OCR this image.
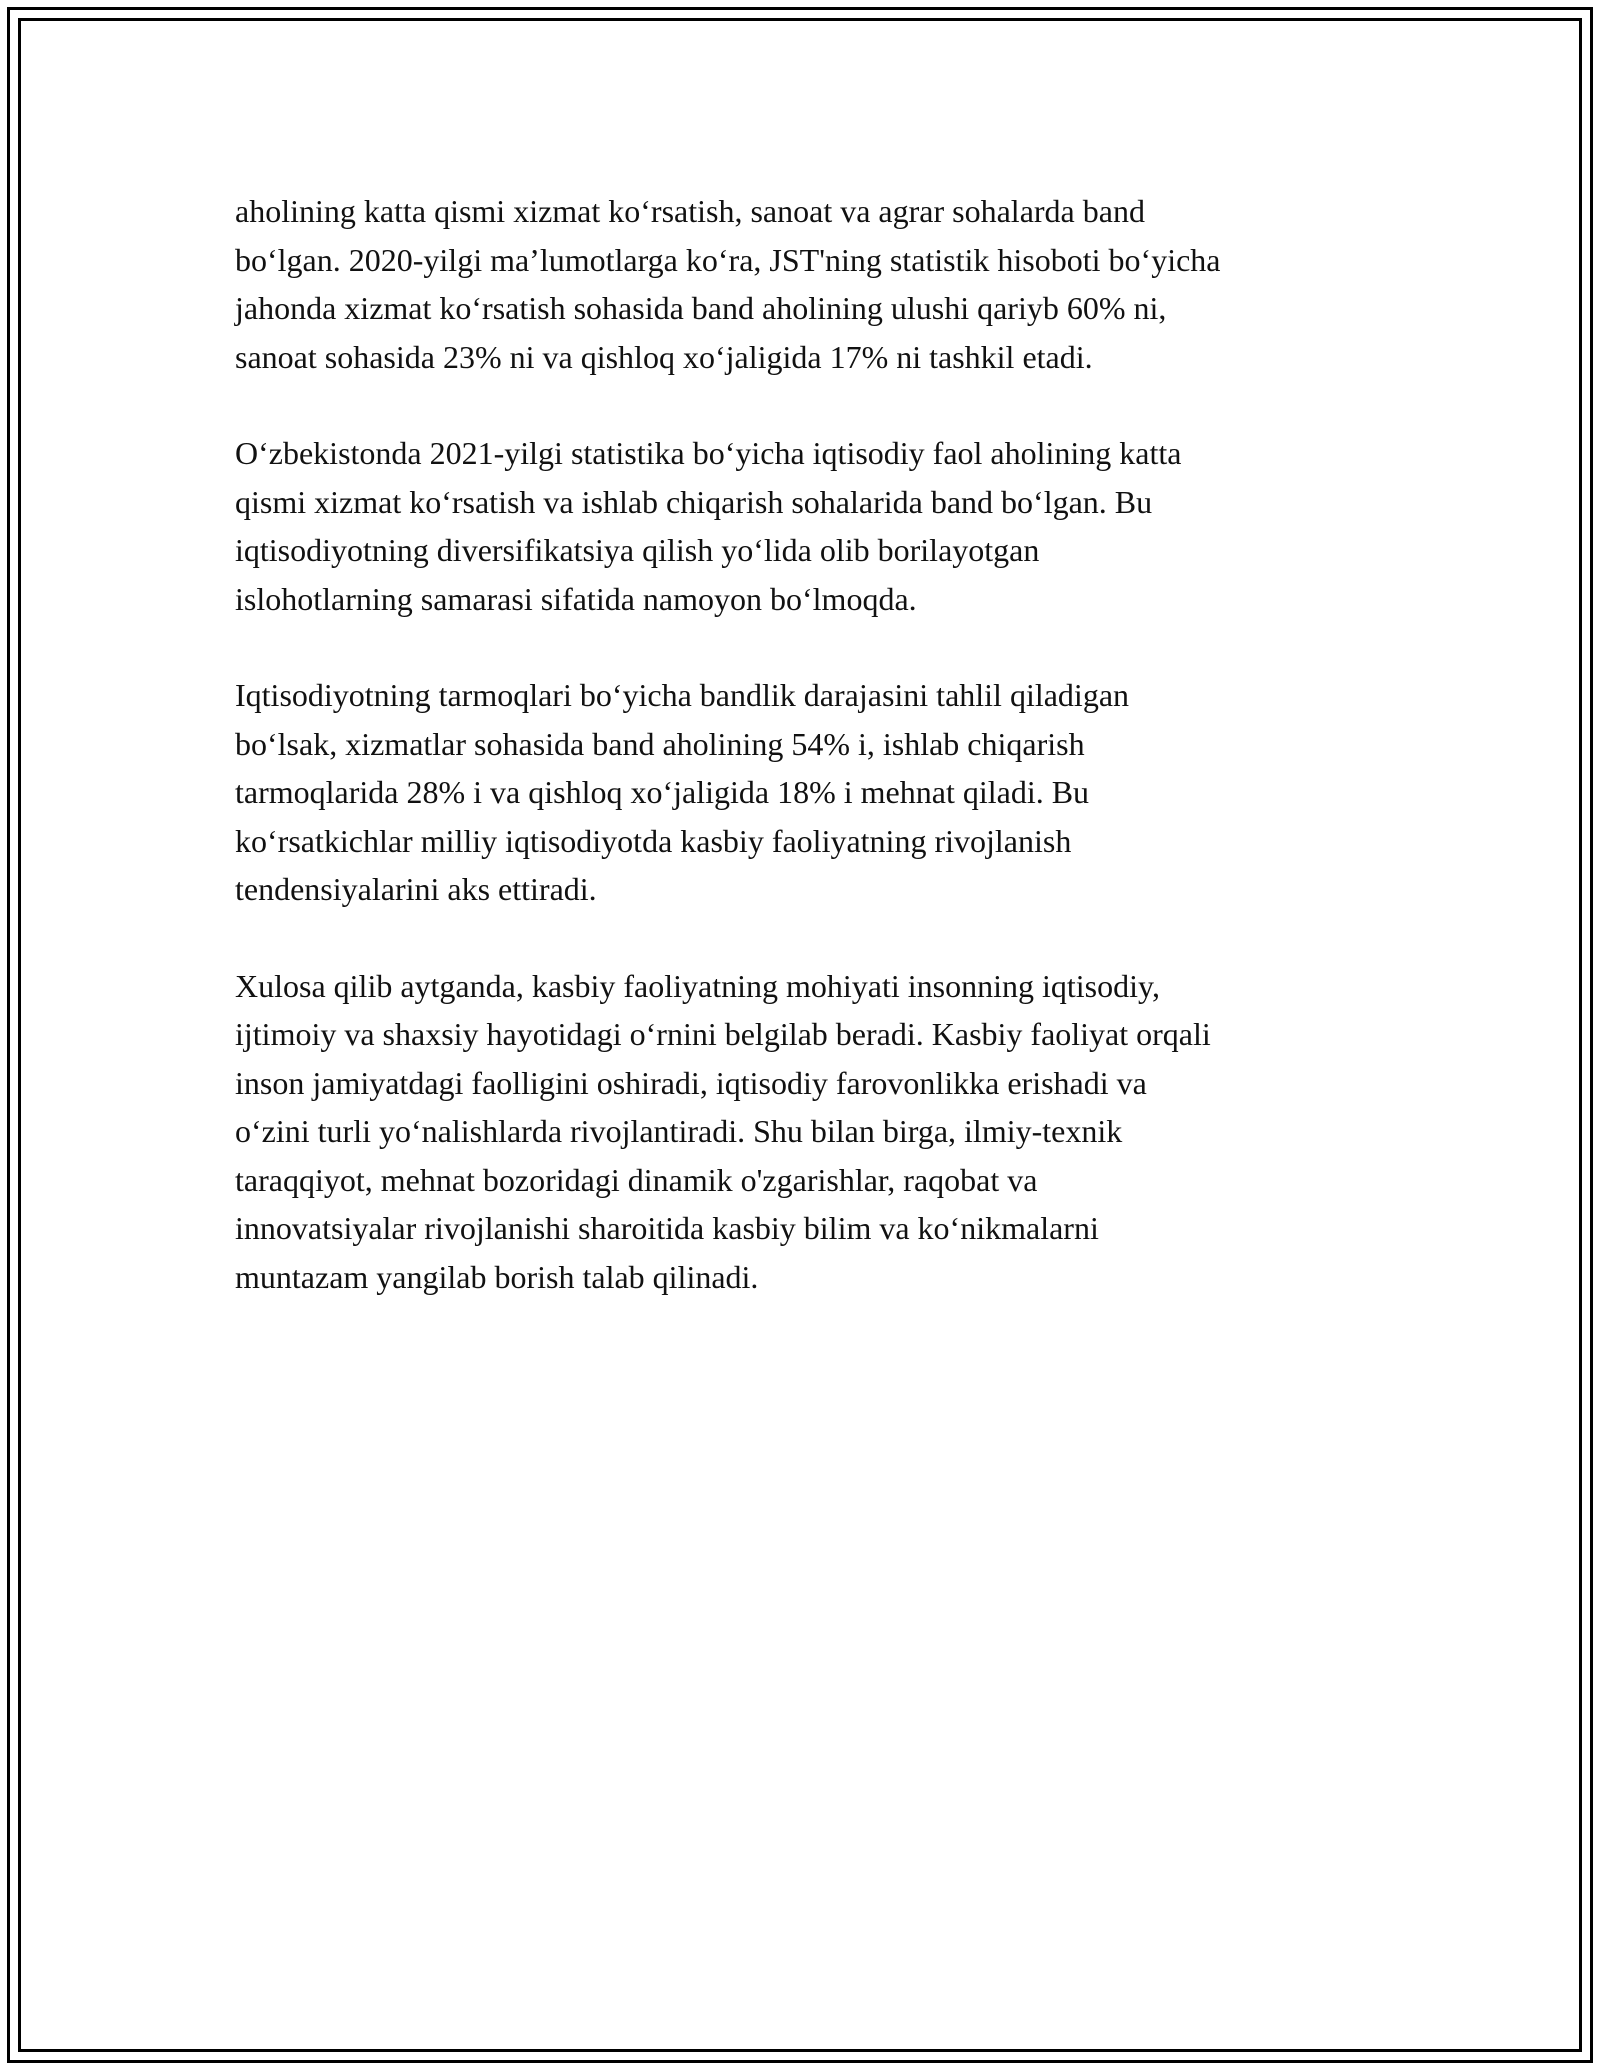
aholining katta qismi xizmat ko‘rsatish, sanoat va agrar sohalarda band
bo‘lgan. 2020-yilgi ma’lumotlarga ko‘ra, JST'ning statistik hisoboti bo‘yicha
jahonda xizmat ko‘rsatish sohasida band aholining ulushi qariyb 60% ni,
sanoat sohasida 23% ni va qishloq xo‘jaligida 17% ni tashkil etadi.

O‘zbekistonda 2021-yilgi statistika bo‘yicha iqtisodiy faol aholining katta
qismi xizmat ko‘rsatish va ishlab chiqarish sohalarida band bo‘lgan. Bu
iqtisodiyotning diversifikatsiya qilish yo‘lida olib borilayotgan
islohotlarning samarasi sifatida namoyon bo‘lmoqda.

Iqtisodiyotning tarmoqlari bo‘yicha bandlik darajasini tahlil qiladigan
bo‘lsak, xizmatlar sohasida band aholining 54% i, ishlab chiqarish
tarmoqlarida 28% i va qishloq xo‘jaligida 18% i mehnat qiladi. Bu
ko‘rsatkichlar milliy iqtisodiyotda kasbiy faoliyatning rivojlanish
tendensiyalarini aks ettiradi.

Xulosa qilib aytganda, kasbiy faoliyatning mohiyati insonning iqtisodiy,
ijtimoiy va shaxsiy hayotidagi o‘rnini belgilab beradi. Kasbiy faoliyat orqali
inson jamiyatdagi faolligini oshiradi, iqtisodiy farovonlikka erishadi va
o‘zini turli yo‘nalishlarda rivojlantiradi. Shu bilan birga, ilmiy-texnik
taraqqiyot, mehnat bozoridagi dinamik o'zgarishlar, raqobat va
innovatsiyalar rivojlanishi sharoitida kasbiy bilim va ko‘nikmalarni
muntazam yangilab borish talab qilinadi.
